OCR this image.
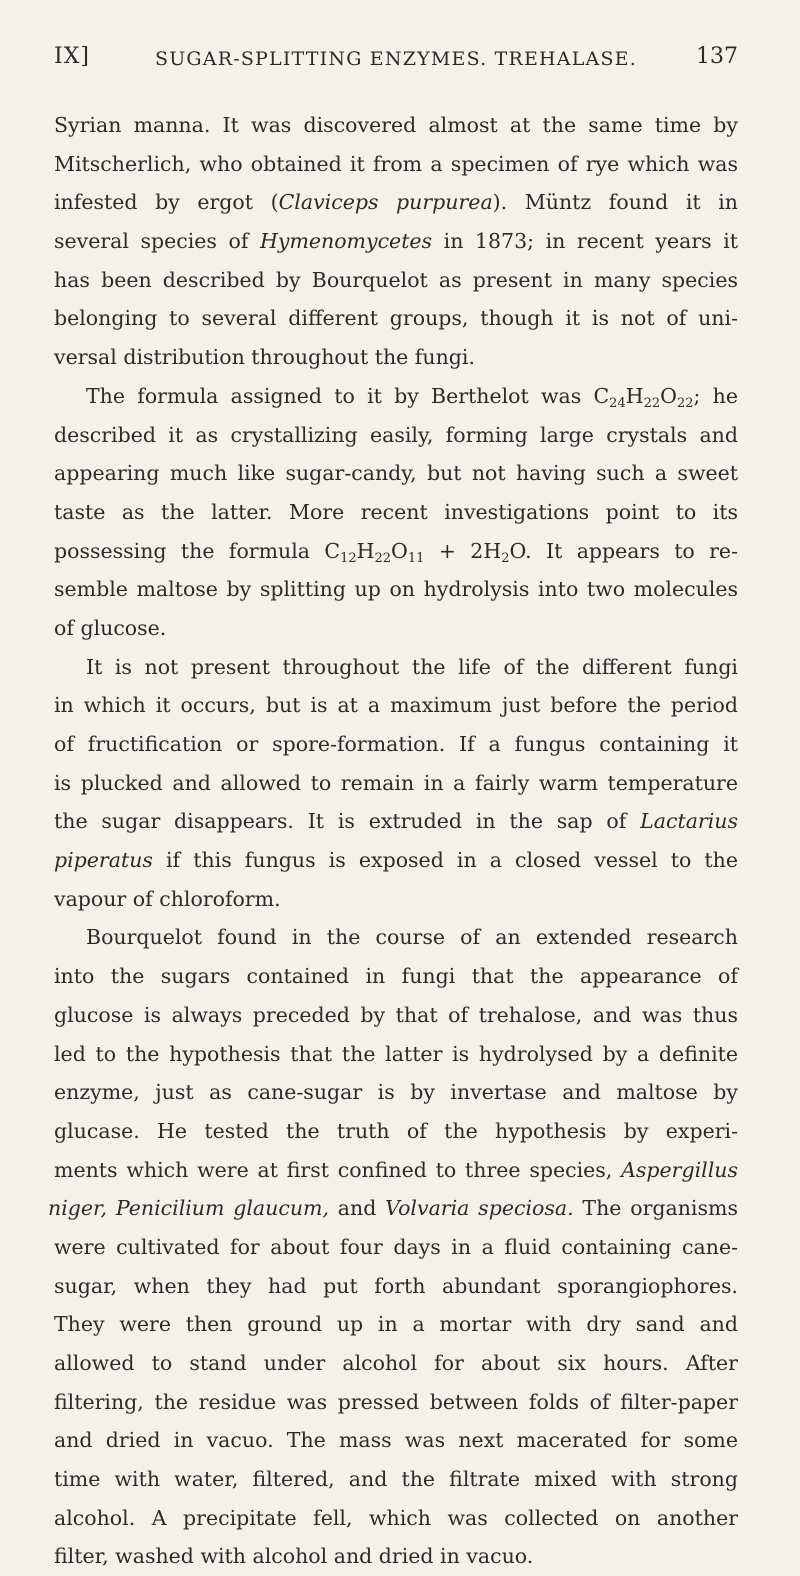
IX]	SUGAR-SPLITTING ENZYMES. TREHALASE.	137
Syrian manna. It was discovered almost at the same time by
Mitscherlich, who obtained it from a specimen of rye which was
infested by ergot (Claviceps purpurea). Müntz found it in
several species of Hymenomycetes in 1873; in recent years it
has been described by Bourquelot as present in many species
belonging to several different groups, though it is not of uni-
versal distribution throughout the fungi.
The formula assigned to it by Berthelot was $C_{24}H_{22}O_{22}$; he
described it as crystallizing easily, forming large crystals and
appearing much like sugar-candy, but not having such a sweet
taste as the latter. More recent investigations point to its
possessing the formula $C_{12}H_{22}O_{11} + 2H_2O$. It appears to re-
semble maltose by splitting up on hydrolysis into two molecules
of glucose.
It is not present throughout the life of the different fungi
in which it occurs, but is at a maximum just before the period
of fructification or spore-formation. If a fungus containing it
is plucked and allowed to remain in a fairly warm temperature
the sugar disappears. It is extruded in the sap of Lactarius
piperatus if this fungus is exposed in a closed vessel to the
vapour of chloroform.
Bourquelot found in the course of an extended research
into the sugars contained in fungi that the appearance of
glucose is always preceded by that of trehalose, and was thus
led to the hypothesis that the latter is hydrolysed by a definite
enzyme, just as cane-sugar is by invertase and maltose by
glucase. He tested the truth of the hypothesis by experi-
ments which were at first confined to three species, Aspergillus
niger, Penicilium glaucum, and Volvaria speciosa. The organisms
were cultivated for about four days in a fluid containing cane-
sugar, when they had put forth abundant sporangiophores.
They were then ground up in a mortar with dry sand and
allowed to stand under alcohol for about six hours. After
filtering, the residue was pressed between folds of filter-paper
and dried in vacuo. The mass was next macerated for some
time with water, filtered, and the filtrate mixed with strong
alcohol. A precipitate fell, which was collected on another
filter, washed with alcohol and dried in vacuo.
